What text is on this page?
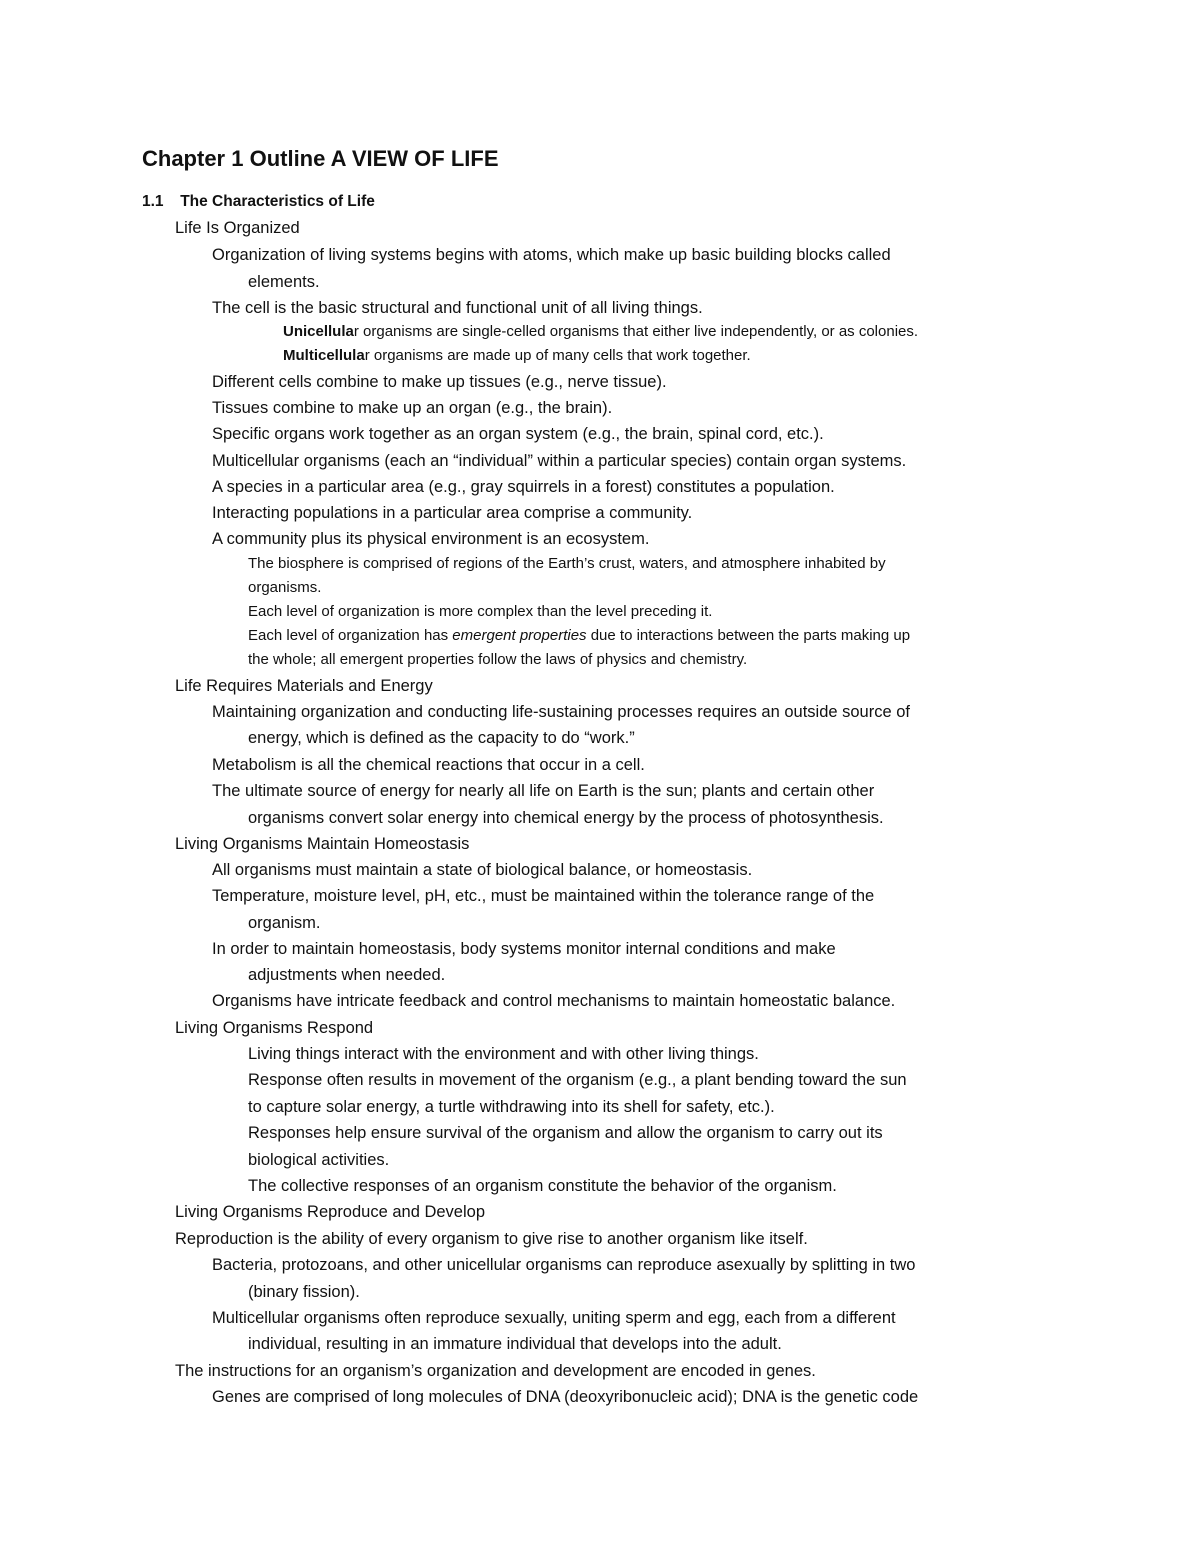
Chapter 1 Outline A VIEW OF LIFE
1.1 The Characteristics of Life
Life Is Organized
Organization of living systems begins with atoms, which make up basic building blocks called
elements.
The cell is the basic structural and functional unit of all living things.
Unicellular organisms are single-celled organisms that either live independently, or as colonies.
Multicellular organisms are made up of many cells that work together.
Different cells combine to make up tissues (e.g., nerve tissue).
Tissues combine to make up an organ (e.g., the brain).
Specific organs work together as an organ system (e.g., the brain, spinal cord, etc.).
Multicellular organisms (each an “individual” within a particular species) contain organ systems.
A species in a particular area (e.g., gray squirrels in a forest) constitutes a population.
Interacting populations in a particular area comprise a community.
A community plus its physical environment is an ecosystem.
The biosphere is comprised of regions of the Earth’s crust, waters, and atmosphere inhabited by
organisms.
Each level of organization is more complex than the level preceding it.
Each level of organization has emergent properties due to interactions between the parts making up
the whole; all emergent properties follow the laws of physics and chemistry.
Life Requires Materials and Energy
Maintaining organization and conducting life-sustaining processes requires an outside source of
energy, which is defined as the capacity to do “work.”
Metabolism is all the chemical reactions that occur in a cell.
The ultimate source of energy for nearly all life on Earth is the sun; plants and certain other
organisms convert solar energy into chemical energy by the process of photosynthesis.
Living Organisms Maintain Homeostasis
All organisms must maintain a state of biological balance, or homeostasis.
Temperature, moisture level, pH, etc., must be maintained within the tolerance range of the
organism.
In order to maintain homeostasis, body systems monitor internal conditions and make
adjustments when needed.
Organisms have intricate feedback and control mechanisms to maintain homeostatic balance.
Living Organisms Respond
Living things interact with the environment and with other living things.
Response often results in movement of the organism (e.g., a plant bending toward the sun
to capture solar energy, a turtle withdrawing into its shell for safety, etc.).
Responses help ensure survival of the organism and allow the organism to carry out its
biological activities.
The collective responses of an organism constitute the behavior of the organism.
Living Organisms Reproduce and Develop
Reproduction is the ability of every organism to give rise to another organism like itself.
Bacteria, protozoans, and other unicellular organisms can reproduce asexually by splitting in two
(binary fission).
Multicellular organisms often reproduce sexually, uniting sperm and egg, each from a different
individual, resulting in an immature individual that develops into the adult.
The instructions for an organism’s organization and development are encoded in genes.
Genes are comprised of long molecules of DNA (deoxyribonucleic acid); DNA is the genetic code
